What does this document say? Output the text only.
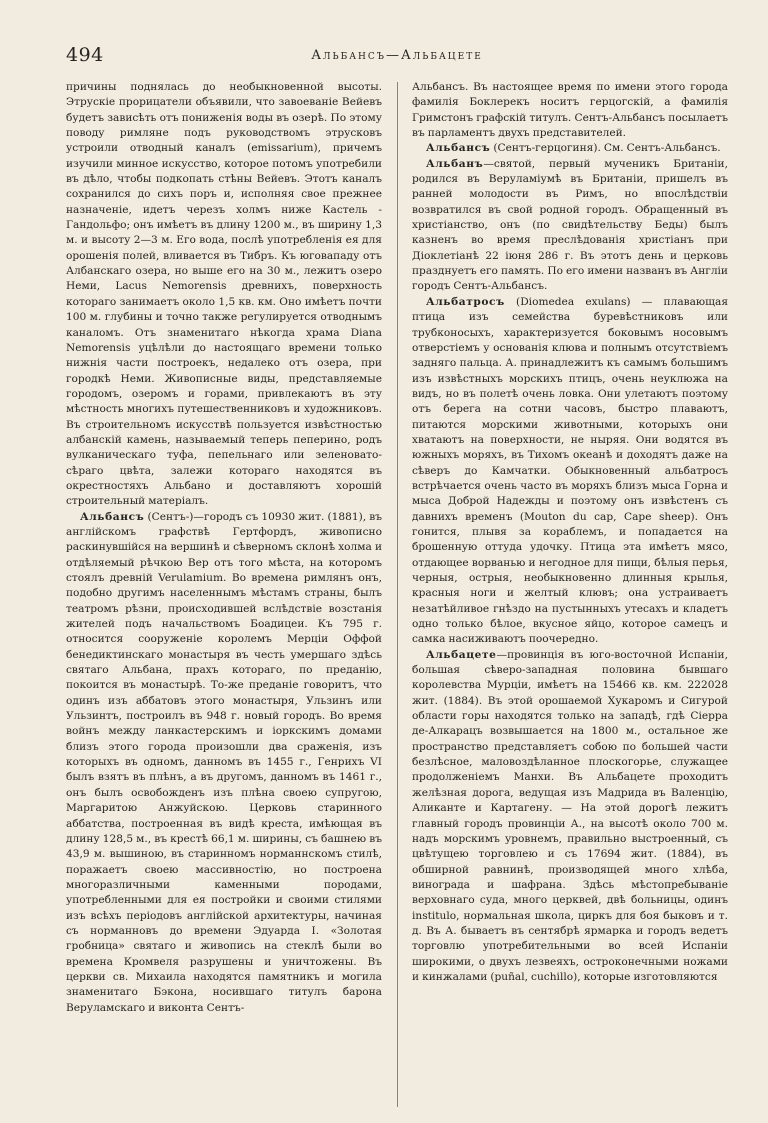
494	Альбансъ—Альбацете

причины поднялась до необыкновенной высоты. Этрускіе прорицатели объявили, что завоеваніе Вейевъ будетъ зависѣть отъ пониженія воды въ озерѣ. По этому поводу римляне подъ руководствомъ этрусковъ устроили отводный каналъ (emissarium), причемъ изучили минное искусство, которое потомъ употребили въ дѣло, чтобы подкопать стѣны Вейевъ. Этотъ каналъ сохранился до сихъ поръ и, исполняя свое прежнее назначеніе, идетъ черезъ холмъ ниже Кастель - Гандольфо; онъ имѣетъ въ длину 1200 м., въ ширину 1,3 м. и высоту 2—3 м. Его вода, послѣ употребленія ея для орошенія полей, вливается въ Тибръ. Къ юговападу отъ Албанскаго озера, но выше его на 30 м., лежитъ озеро Неми, Lacus Nemorensis древнихъ, поверхность котораго занимаетъ около 1,5 кв. км. Оно имѣетъ почти 100 м. глубины и точно также регулируется отводнымъ каналомъ. Отъ знаменитаго нѣкогда храма Diana Nemorensis уцѣлѣли до настоящаго времени только нижнія части построекъ, недалеко отъ озера, при городкѣ Неми. Живописные виды, представляемые городомъ, озеромъ и горами, привлекаютъ въ эту мѣстность многихъ путешественниковъ и художниковъ. Въ строительномъ искусствѣ пользуется извѣстностью албанскій камень, называемый теперь пеперино, родъ вулканическаго туфа, пепельнаго или зеленовато-сѣраго цвѣта, залежи котораго находятся въ окрестностяхъ Альбано и доставляютъ хорошій строительный матеріалъ.

Альбансъ (Сентъ-)—городъ съ 10930 жит. (1881), въ англійскомъ графствѣ Гертфордъ, живописно раскинувшійся на вершинѣ и сѣверномъ склонѣ холма и отдѣляемый рѣчкою Вер отъ того мѣста, на которомъ стоялъ древній Verulamium. Во времена римлянъ онъ, подобно другимъ населеннымъ мѣстамъ страны, былъ театромъ рѣзни, происходившей вслѣдствіе возстанія жителей подъ начальствомъ Боадицеи. Къ 795 г. относится сооруженіе королемъ Мерціи Оффой бенедиктинскаго монастыря въ честь умершаго здѣсь святаго Альбана, прахъ котораго, по преданію, покоится въ монастырѣ. То-же преданіе говоритъ, что одинъ изъ аббатовъ этого монастыря, Ульзинъ или Ульзинтъ, построилъ въ 948 г. новый городъ. Во время войнъ между ланкастерскимъ и іоркскимъ домами близъ этого города произошли два сраженія, изъ которыхъ въ одномъ, данномъ въ 1455 г., Генрихъ VI былъ взятъ въ плѣнъ, а въ другомъ, данномъ въ 1461 г., онъ былъ освобожденъ изъ плѣна своею супругою, Маргаритою Анжуйскою. Церковь старинного аббатства, построенная въ видѣ креста, имѣющая въ длину 128,5 м., въ крестѣ 66,1 м. ширины, съ башнею въ 43,9 м. вышиною, въ старинномъ норманнскомъ стилѣ, поражаетъ своею массивностію, но построена многоразличными каменными породами, употребленными для ея постройки и своими стилями изъ всѣхъ періодовъ англійской архитектуры, начиная съ норманновъ до времени Эдуарда I. «Золотая гробница» святаго и живопись на стеклѣ были во времена Кромвеля разрушены и уничтожены. Въ церкви св. Михаила находятся памятникъ и могила знаменитаго Бэкона, носившаго титулъ барона Веруламскаго и виконта Сентъ-

Альбансъ. Въ настоящее время по имени этого города фамилія Боклерекъ носитъ герцогскій, а фамилія Гримстонъ графскій титулъ. Сентъ-Альбансъ посылаетъ въ парламентъ двухъ представителей.

Альбансъ (Сентъ-герцогиня). См. Сентъ-Альбансъ.

Альбанъ—святой, первый мученикъ Британіи, родился въ Веруламіумѣ въ Британіи, пришелъ въ ранней молодости въ Римъ, но впослѣдствіи возвратился въ свой родной городъ. Обращенный въ христіанство, онъ (по свидѣтельству Беды) былъ казненъ во время преслѣдованія христіанъ при Діоклетіанѣ 22 іюня 286 г. Въ этотъ день и церковь празднуетъ его память. По его имени названъ въ Англіи городъ Сентъ-Альбансъ.

Альбатросъ (Diomedea exulans) — плавающая птица изъ семейства буревѣстниковъ или трубконосыхъ, характеризуется боковымъ носовымъ отверстіемъ у основанія клюва и полнымъ отсутствіемъ задняго пальца. А. принадлежитъ къ самымъ большимъ изъ извѣстныхъ морскихъ птицъ, очень неуклюжа на видъ, но въ полетѣ очень ловка. Они улетаютъ поэтому отъ берега на сотни часовъ, быстро плаваютъ, питаются морскими животными, которыхъ они хватаютъ на поверхности, не ныряя. Они водятся въ южныхъ моряхъ, въ Тихомъ океанѣ и доходятъ даже на сѣверъ до Камчатки. Обыкновенный альбатросъ встрѣчается очень часто въ моряхъ близъ мыса Горна и мыса Доброй Надежды и поэтому онъ извѣстенъ съ давнихъ временъ (Mouton du cap, Cape sheep). Онъ гонится, плывя за кораблемъ, и попадается на брошенную оттуда удочку. Птица эта имѣетъ мясо, отдающее ворванью и негодное для пищи, бѣлыя перья, черныя, острыя, необыкновенно длинныя крылья, красныя ноги и желтый клювъ; она устраиваетъ незатѣйливое гнѣздо на пустынныхъ утесахъ и кладетъ одно только бѣлое, вкусное яйцо, которое самецъ и самка насиживаютъ поочередно.

Альбацете—провинція въ юго-восточной Испаніи, большая сѣверо-западная половина бывшаго королевства Мурціи, имѣетъ на 15466 кв. км. 222028 жит. (1884). Въ этой орошаемой Хукаромъ и Сигурой области горы находятся только на западѣ, гдѣ Сіерра де-Алкарацъ возвышается на 1800 м., остальное же пространство представляетъ собою по большей части безлѣсное, маловоздѣланное плоскогорье, служащее продолженіемъ Манхи. Въ Альбацете проходитъ желѣзная дорога, ведущая изъ Мадрида въ Валенцію, Аликанте и Картагену. — На этой дорогѣ лежитъ главный городъ провинціи А., на высотѣ около 700 м. надъ морскимъ уровнемъ, правильно выстроенный, съ цвѣтущею торговлею и съ 17694 жит. (1884), въ обширной равнинѣ, производящей много хлѣба, винограда и шафрана. Здѣсь мѣстопребываніе верховнаго суда, много церквей, двѣ больницы, одинъ institulo, нормальная школа, циркъ для боя быковъ и т. д. Въ А. бываетъ въ сентябрѣ ярмарка и городъ ведетъ торговлю употребительными во всей Испаніи широкими, о двухъ лезвеяхъ, остроконечными ножами и кинжалами (puñal, cuchillo), которые изготовляются
